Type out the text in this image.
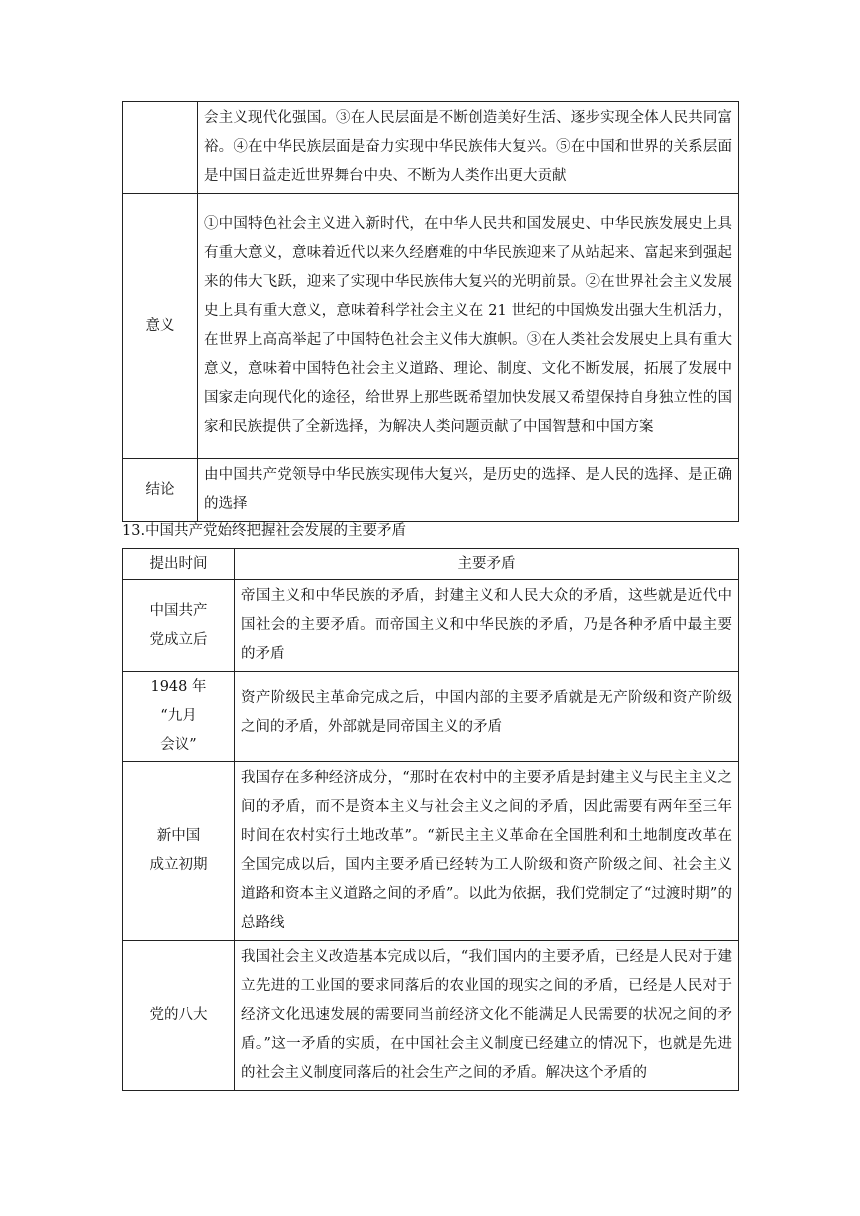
	会主义现代化强国。③在人民层面是不断创造美好生活、逐步实现全体人民共同富裕。④在中华民族层面是奋力实现中华民族伟大复兴。⑤在中国和世界的关系层面是中国日益走近世界舞台中央、不断为人类作出更大贡献
意义	①中国特色社会主义进入新时代，在中华人民共和国发展史、中华民族发展史上具有重大意义，意味着近代以来久经磨难的中华民族迎来了从站起来、富起来到强起来的伟大飞跃，迎来了实现中华民族伟大复兴的光明前景。②在世界社会主义发展史上具有重大意义，意味着科学社会主义在 21 世纪的中国焕发出强大生机活力，在世界上高高举起了中国特色社会主义伟大旗帜。③在人类社会发展史上具有重大意义，意味着中国特色社会主义道路、理论、制度、文化不断发展，拓展了发展中国家走向现代化的途径，给世界上那些既希望加快发展又希望保持自身独立性的国家和民族提供了全新选择，为解决人类问题贡献了中国智慧和中国方案
结论	由中国共产党领导中华民族实现伟大复兴，是历史的选择、是人民的选择、是正确的选择
13.中国共产党始终把握社会发展的主要矛盾
提出时间	主要矛盾

中国共产
党成立后	帝国主义和中华民族的矛盾，封建主义和人民大众的矛盾，这些就是近代中国社会的主要矛盾。而帝国主义和中华民族的矛盾，乃是各种矛盾中最主要的矛盾

1948 年
“九月
会议”	资产阶级民主革命完成之后，中国内部的主要矛盾就是无产阶级和资产阶级之间的矛盾，外部就是同帝国主义的矛盾

新中国
成立初期	我国存在多种经济成分，“那时在农村中的主要矛盾是封建主义与民主主义之间的矛盾，而不是资本主义与社会主义之间的矛盾，因此需要有两年至三年时间在农村实行土地改革”。“新民主主义革命在全国胜利和土地制度改革在全国完成以后，国内主要矛盾已经转为工人阶级和资产阶级之间、社会主义道路和资本主义道路之间的矛盾”。以此为依据，我们党制定了“过渡时期”的总路线

党的八大	我国社会主义改造基本完成以后，“我们国内的主要矛盾，已经是人民对于建立先进的工业国的要求同落后的农业国的现实之间的矛盾，已经是人民对于经济文化迅速发展的需要同当前经济文化不能满足人民需要的状况之间的矛盾。”这一矛盾的实质，在中国社会主义制度已经建立的情况下，也就是先进的社会主义制度同落后的社会生产之间的矛盾。解决这个矛盾的
